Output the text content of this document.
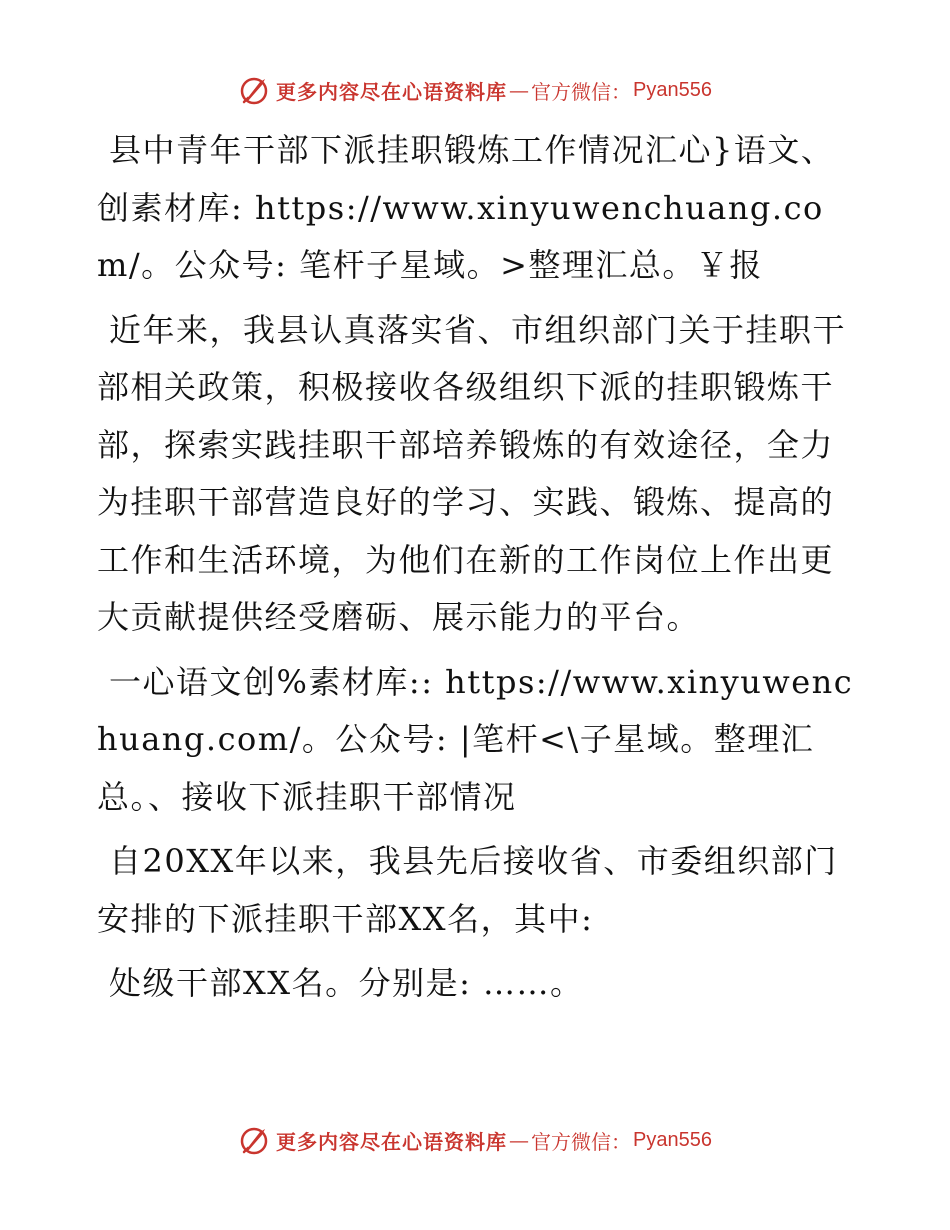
更多内容尽在心语资料库 — 官方微信： Pyan556

县中青年干部下派挂职锻炼工作情况汇心}语文、创素材库: https://www.xinyuwenchuang.com/。公众号: 笔杆子星域。>整理汇总。￥报

近年来，我县认真落实省、市组织部门关于挂职干部相关政策，积极接收各级组织下派的挂职锻炼干部，探索实践挂职干部培养锻炼的有效途径，全力为挂职干部营造良好的学习、实践、锻炼、提高的工作和生活环境，为他们在新的工作岗位上作出更大贡献提供经受磨砺、展示能力的平台。

一心语文创%素材库:: https://www.xinyuwenchuang.com/。公众号: |笔杆<\子星域。整理汇总。、接收下派挂职干部情况

自20XX年以来，我县先后接收省、市委组织部门安排的下派挂职干部XX名，其中:

处级干部XX名。分别是: ……。

更多内容尽在心语资料库 — 官方微信： Pyan556
